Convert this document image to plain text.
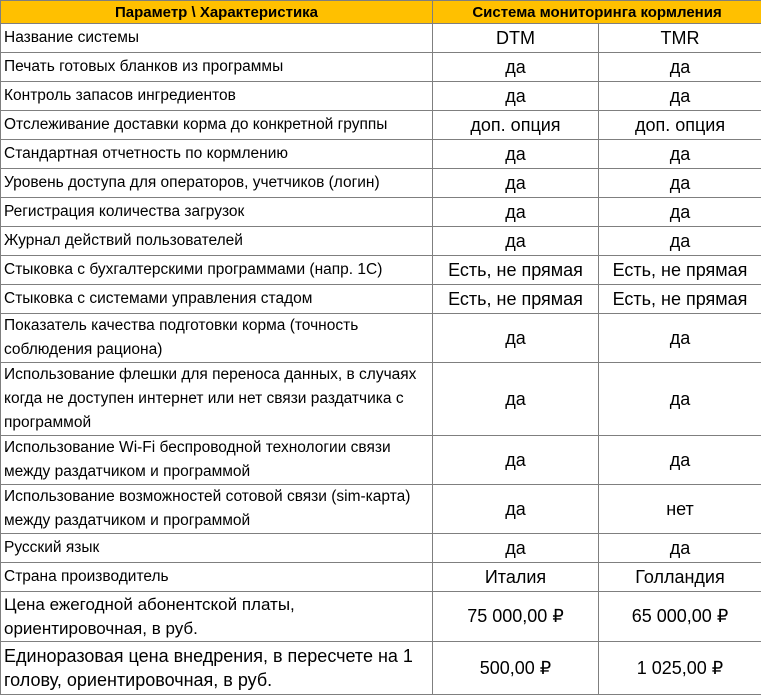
Параметр \ Характеристика	Система мониторинга кормления	
Название системы	DTM	TMR
Печать готовых бланков из программы	да	да
Контроль запасов ингредиентов	да	да
Отслеживание доставки корма до конкретной группы	доп. опция	доп. опция
Стандартная отчетность по кормлению	да	да
Уровень доступа для операторов, учетчиков (логин)	да	да
Регистрация количества загрузок	да	да
Журнал действий пользователей	да	да
Стыковка с бухгалтерскими программами (напр. 1С)	Есть, не прямая	Есть, не прямая
Стыковка с системами управления стадом	Есть, не прямая	Есть, не прямая
Показатель качества подготовки корма (точность соблюдения рациона)	да	да
Использование флешки для переноса данных, в случаях когда не доступен интернет или нет связи раздатчика с программой	да	да
Использование Wi-Fi беспроводной технологии связи между раздатчиком и программой	да	да
Использование возможностей сотовой связи (sim-карта) между раздатчиком и программой	да	нет
Русский язык	да	да
Страна производитель	Италия	Голландия
Цена ежегодной абонентской платы, ориентировочная, в руб.	75 000,00 ₽	65 000,00 ₽
Единоразовая цена внедрения, в пересчете на 1 голову, ориентировочная, в руб.	500,00 ₽	1 025,00 ₽
